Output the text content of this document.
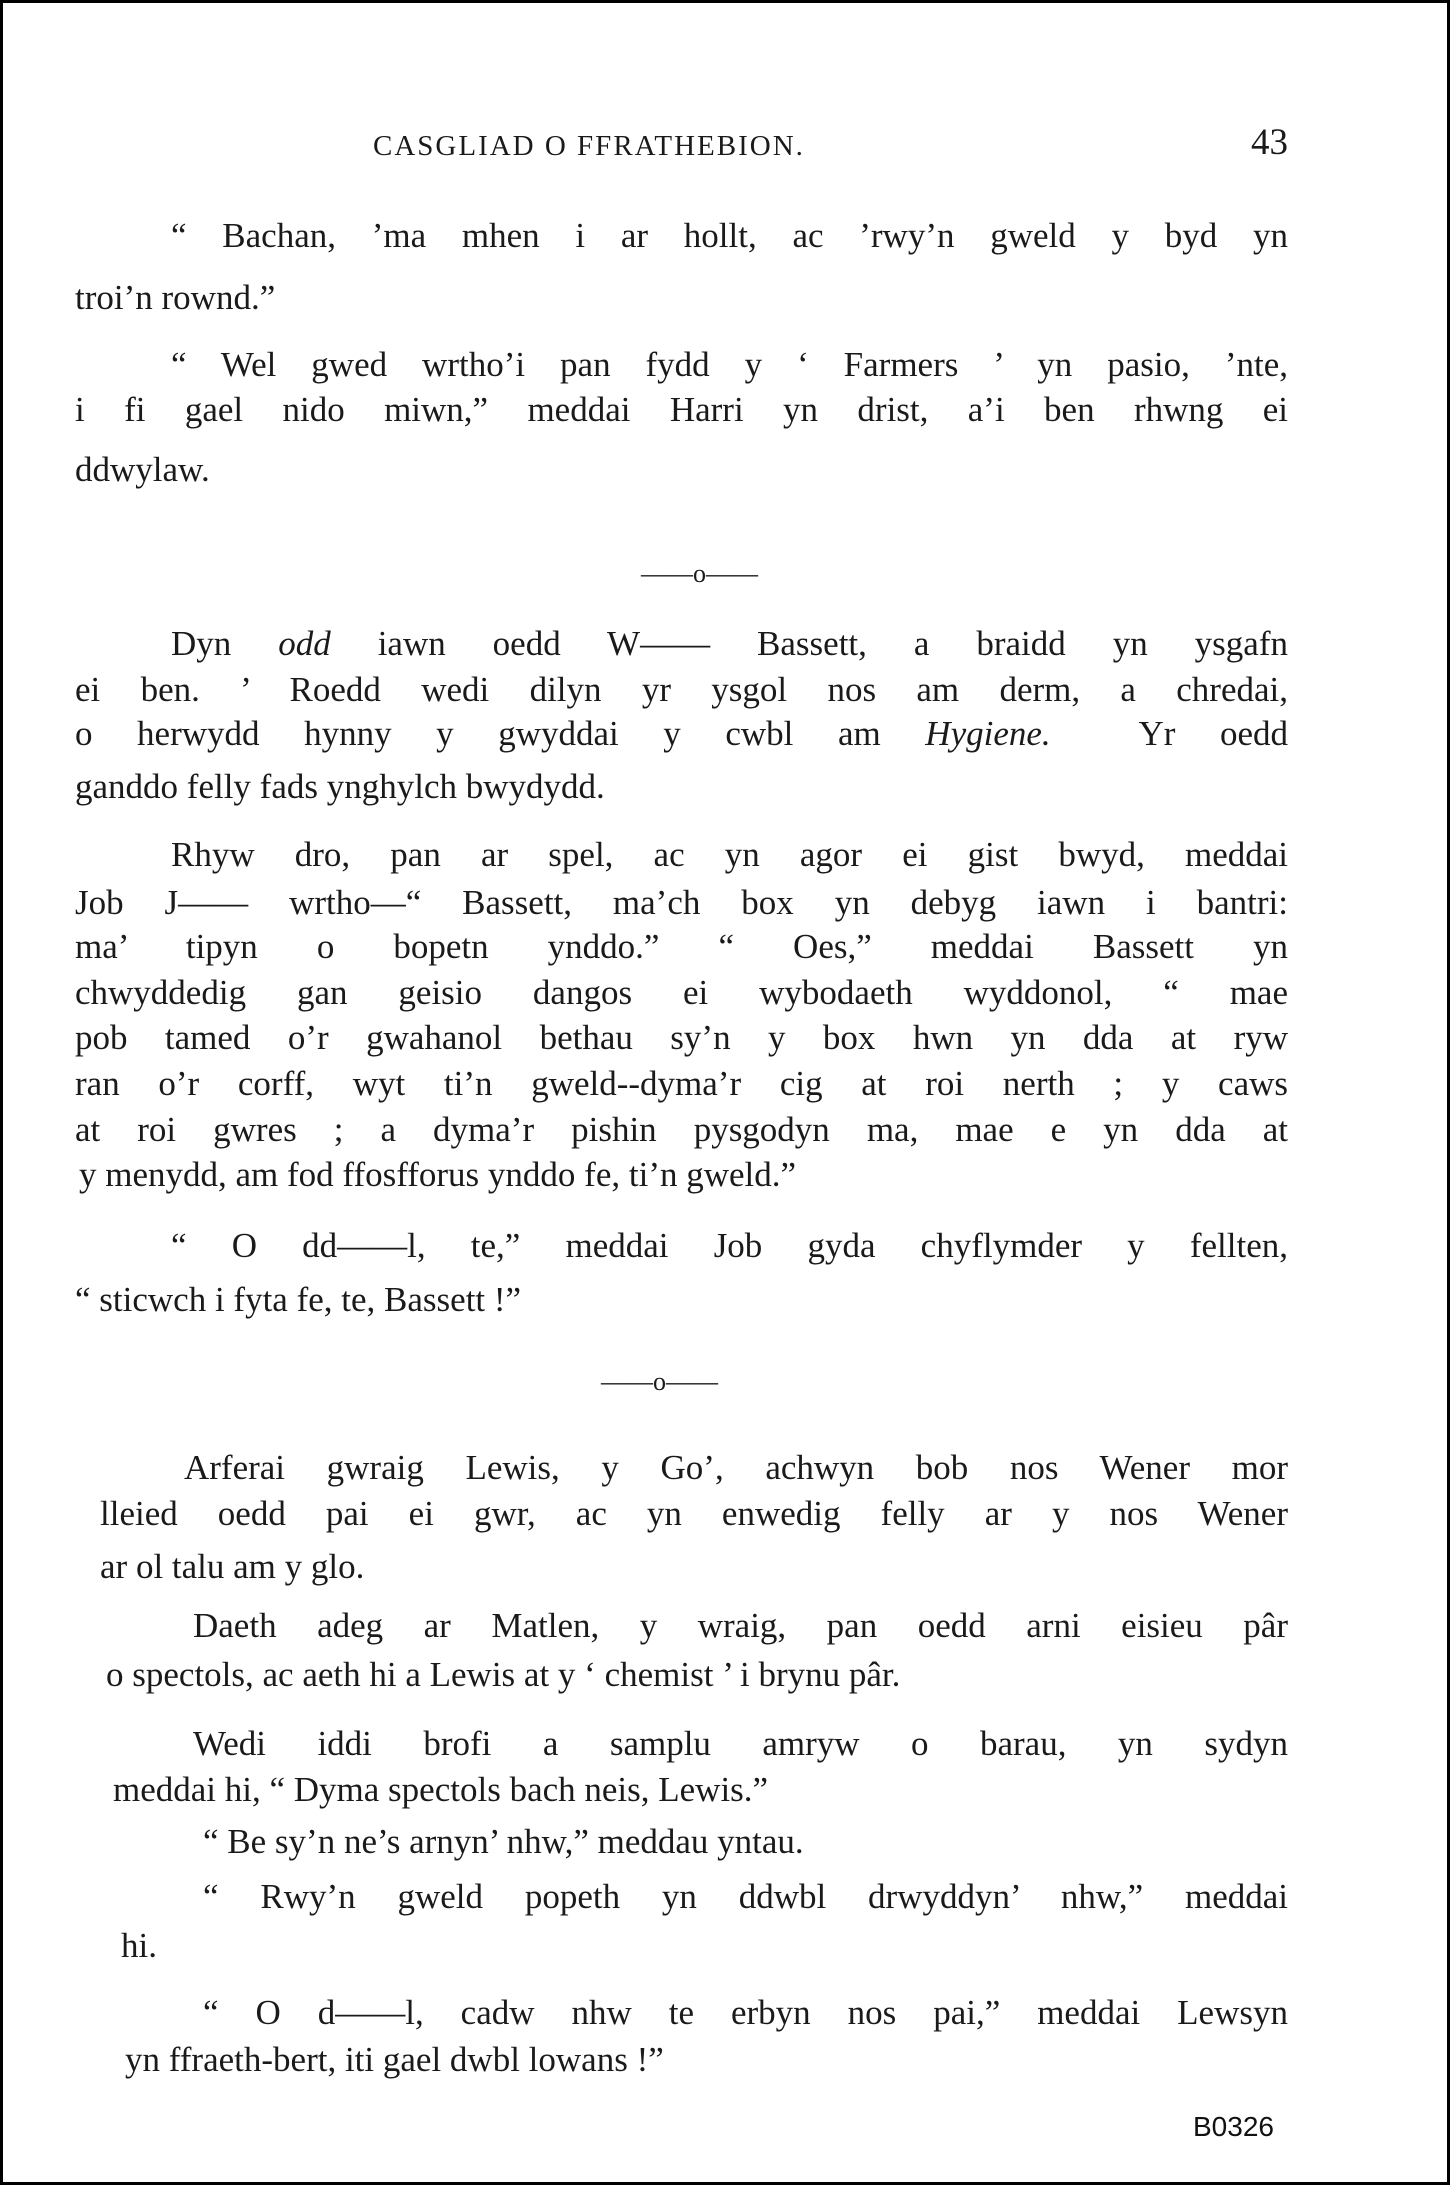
CASGLIAD O FFRATHEBION.	43
——o——
——o——
B0326
“ Bachan, ’ma mhen i ar hollt, ac ’rwy’n gweld y byd yn
troi’n rownd.”
“ Wel gwed wrtho’i pan fydd y ‘ Farmers ’ yn pasio, ’nte,
i fi gael nido miwn,” meddai Harri yn drist, a’i ben rhwng ei
ddwylaw.
Dyn odd iawn oedd W—— Bassett, a braidd yn ysgafn
ei ben. ’ Roedd wedi dilyn yr ysgol nos am derm, a chredai,
o herwydd hynny y gwyddai y cwbl am Hygiene.  Yr oedd
ganddo felly fads ynghylch bwydydd.
Rhyw dro, pan ar spel, ac yn agor ei gist bwyd, meddai
Job J—— wrtho—“ Bassett, ma’ch box yn debyg iawn i bantri:
ma’ tipyn o bopetn ynddo.” “ Oes,” meddai Bassett yn
chwyddedig gan geisio dangos ei wybodaeth wyddonol, “ mae
pob tamed o’r gwahanol bethau sy’n y box hwn yn dda at ryw
ran o’r corff, wyt ti’n gweld--dyma’r cig at roi nerth ; y caws
at roi gwres ; a dyma’r pishin pysgodyn ma, mae e yn dda at
y menydd, am fod ffosfforus ynddo fe, ti’n gweld.”
“ O dd——l, te,” meddai Job gyda chyflymder y fellten,
“ sticwch i fyta fe, te, Bassett !”
Arferai gwraig Lewis, y Go’, achwyn bob nos Wener mor
lleied oedd pai ei gwr, ac yn enwedig felly ar y nos Wener
ar ol talu am y glo.
Daeth adeg ar Matlen, y wraig, pan oedd arni eisieu pâr
o spectols, ac aeth hi a Lewis at y ‘ chemist ’ i brynu pâr.
Wedi iddi brofi a samplu amryw o barau, yn sydyn
meddai hi, “ Dyma spectols bach neis, Lewis.”
“ Be sy’n ne’s arnyn’ nhw,” meddau yntau.
“ Rwy’n gweld popeth yn ddwbl drwyddyn’ nhw,” meddai
hi.
“ O d——l, cadw nhw te erbyn nos pai,” meddai Lewsyn
yn ffraeth-bert, iti gael dwbl lowans !”
